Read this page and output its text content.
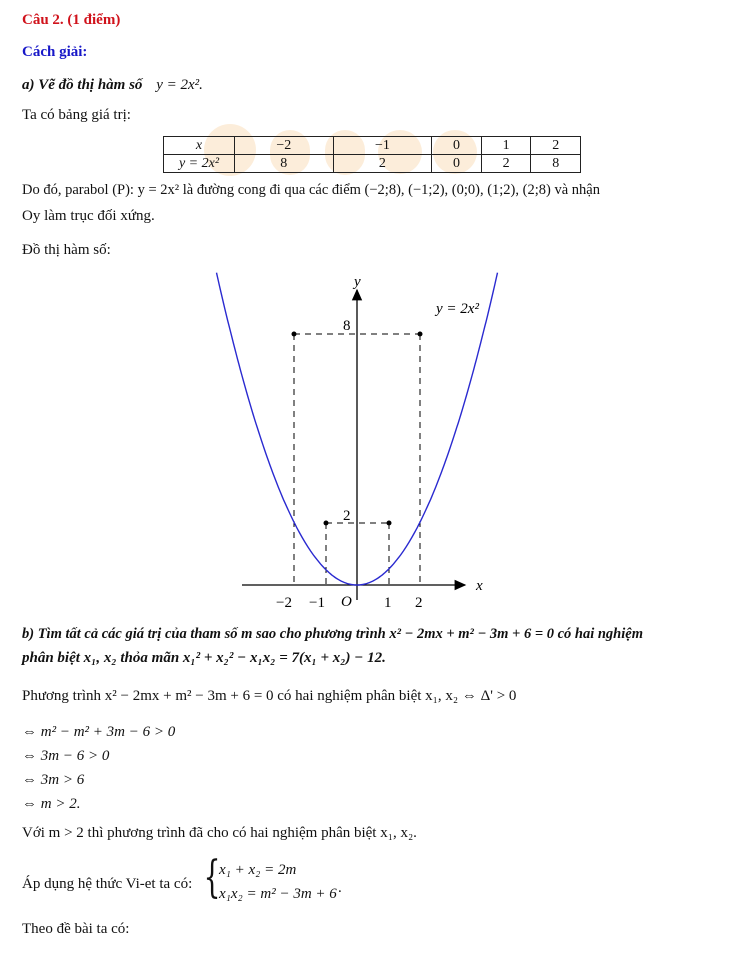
Câu 2. (1 điểm)
Cách giải:
a) Vẽ đồ thị hàm số y = 2x².
Ta có bảng giá trị:
x	−2	−1	0	1	2
y = 2x²	8	2	0	2	8
Do đó, parabol (P): y = 2x² là đường cong đi qua các điểm (−2;8), (−1;2), (0;0), (1;2), (2;8) và nhận
Oy làm trục đối xứng.
Đồ thị hàm số:
y = 2x²
x
y
O
−2 −1	1 2
8
2
b) Tìm tất cả các giá trị của tham số m sao cho phương trình x² − 2mx + m² − 3m + 6 = 0 có hai nghiệm
phân biệt x₁, x₂ thỏa mãn x₁² + x₂² − x₁x₂ = 7(x₁ + x₂) − 12.
Phương trình x² − 2mx + m² − 3m + 6 = 0 có hai nghiệm phân biệt x₁, x₂ ⇔ Δ' > 0
⇔ m² − m² + 3m − 6 > 0
⇔ 3m − 6 > 0
⇔ 3m > 6
⇔ m > 2.
Với m > 2 thì phương trình đã cho có hai nghiệm phân biệt x₁, x₂.
Áp dụng hệ thức Vi-et ta có: {
x₁ + x₂ = 2m
x₁x₂ = m² − 3m + 6 .
Theo đề bài ta có:
